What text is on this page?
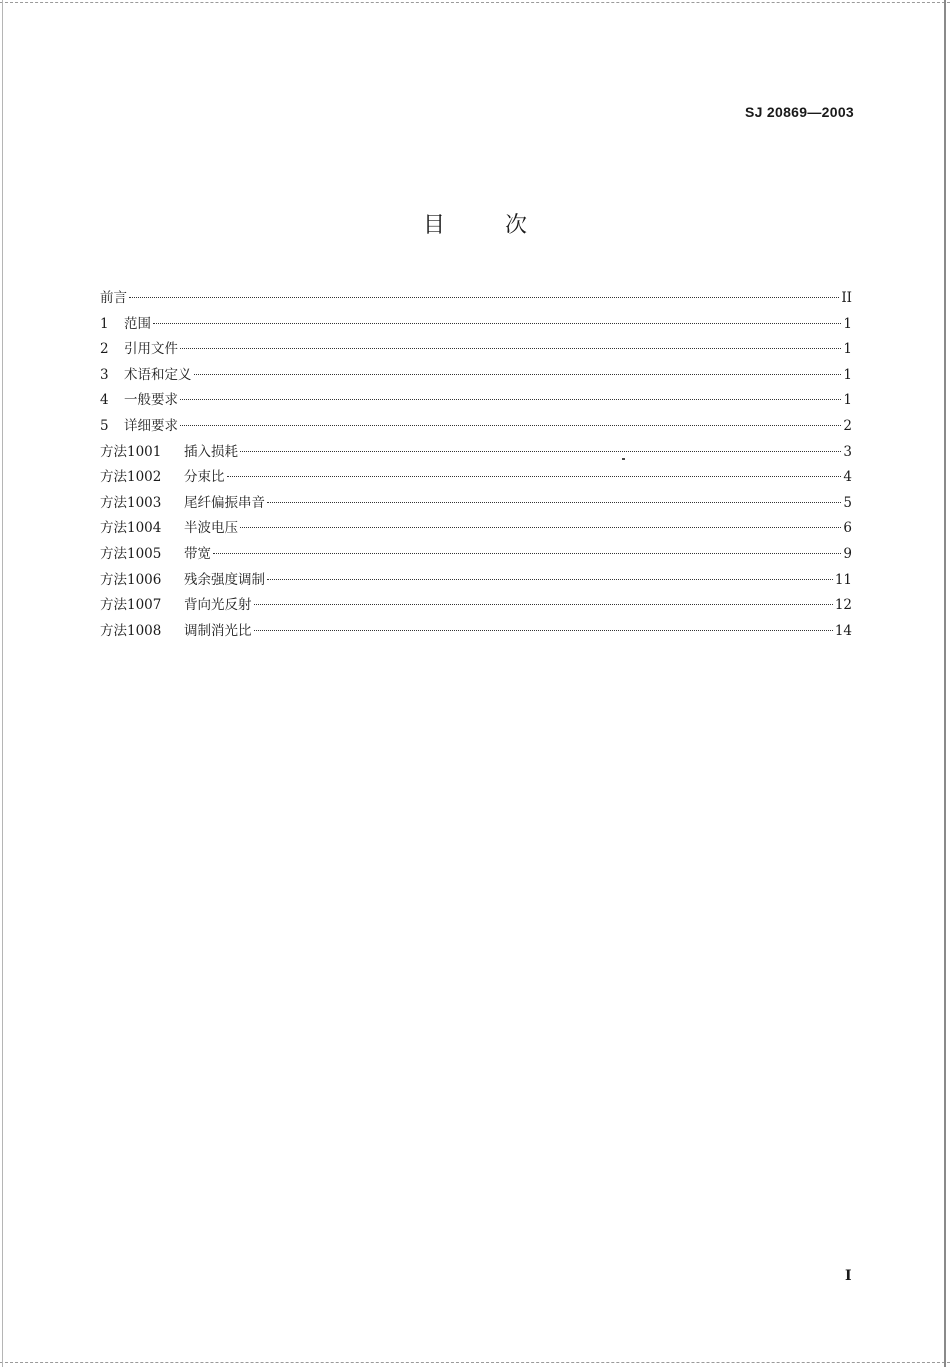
SJ 20869—2003
目次
前言	II
1	范围	1
2	引用文件	1
3	术语和定义	1
4	一般要求	1
5	详细要求	2
方法1001	插入损耗	3
方法1002	分束比	4
方法1003	尾纤偏振串音	5
方法1004	半波电压	6
方法1005	带宽	9
方法1006	残余强度调制	11
方法1007	背向光反射	12
方法1008	调制消光比	14
I
